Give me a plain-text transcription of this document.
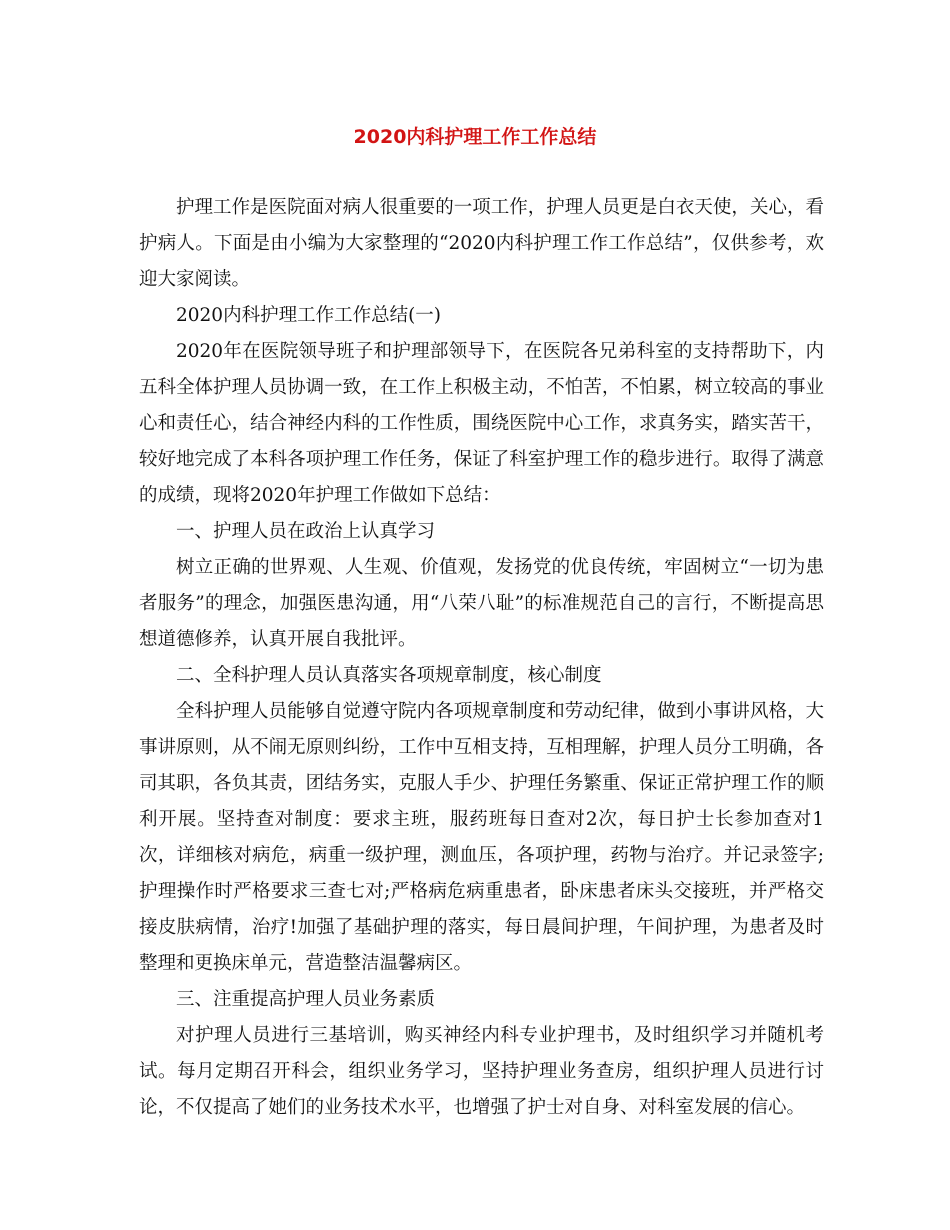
2020内科护理工作工作总结

护理工作是医院面对病人很重要的一项工作，护理人员更是白衣天使，关心，看护病人。下面是由小编为大家整理的“2020内科护理工作工作总结”，仅供参考，欢迎大家阅读。

2020内科护理工作工作总结(一)

2020年在医院领导班子和护理部领导下，在医院各兄弟科室的支持帮助下，内五科全体护理人员协调一致，在工作上积极主动，不怕苦，不怕累，树立较高的事业心和责任心，结合神经内科的工作性质，围绕医院中心工作，求真务实，踏实苦干，较好地完成了本科各项护理工作任务，保证了科室护理工作的稳步进行。取得了满意的成绩，现将2020年护理工作做如下总结：

一、护理人员在政治上认真学习

树立正确的世界观、人生观、价值观，发扬党的优良传统，牢固树立“一切为患者服务”的理念，加强医患沟通，用“八荣八耻”的标准规范自己的言行，不断提高思想道德修养，认真开展自我批评。

二、全科护理人员认真落实各项规章制度，核心制度

全科护理人员能够自觉遵守院内各项规章制度和劳动纪律，做到小事讲风格，大事讲原则，从不闹无原则纠纷，工作中互相支持，互相理解，护理人员分工明确，各司其职，各负其责，团结务实，克服人手少、护理任务繁重、保证正常护理工作的顺利开展。坚持查对制度：要求主班，服药班每日查对2次，每日护士长参加查对1次，详细核对病危，病重一级护理，测血压，各项护理，药物与治疗。并记录签字;护理操作时严格要求三查七对;严格病危病重患者，卧床患者床头交接班，并严格交接皮肤病情，治疗!加强了基础护理的落实，每日晨间护理，午间护理，为患者及时整理和更换床单元，营造整洁温馨病区。

三、注重提高护理人员业务素质

对护理人员进行三基培训，购买神经内科专业护理书，及时组织学习并随机考试。每月定期召开科会，组织业务学习，坚持护理业务查房，组织护理人员进行讨论，不仅提高了她们的业务技术水平，也增强了护士对自身、对科室发展的信心。
